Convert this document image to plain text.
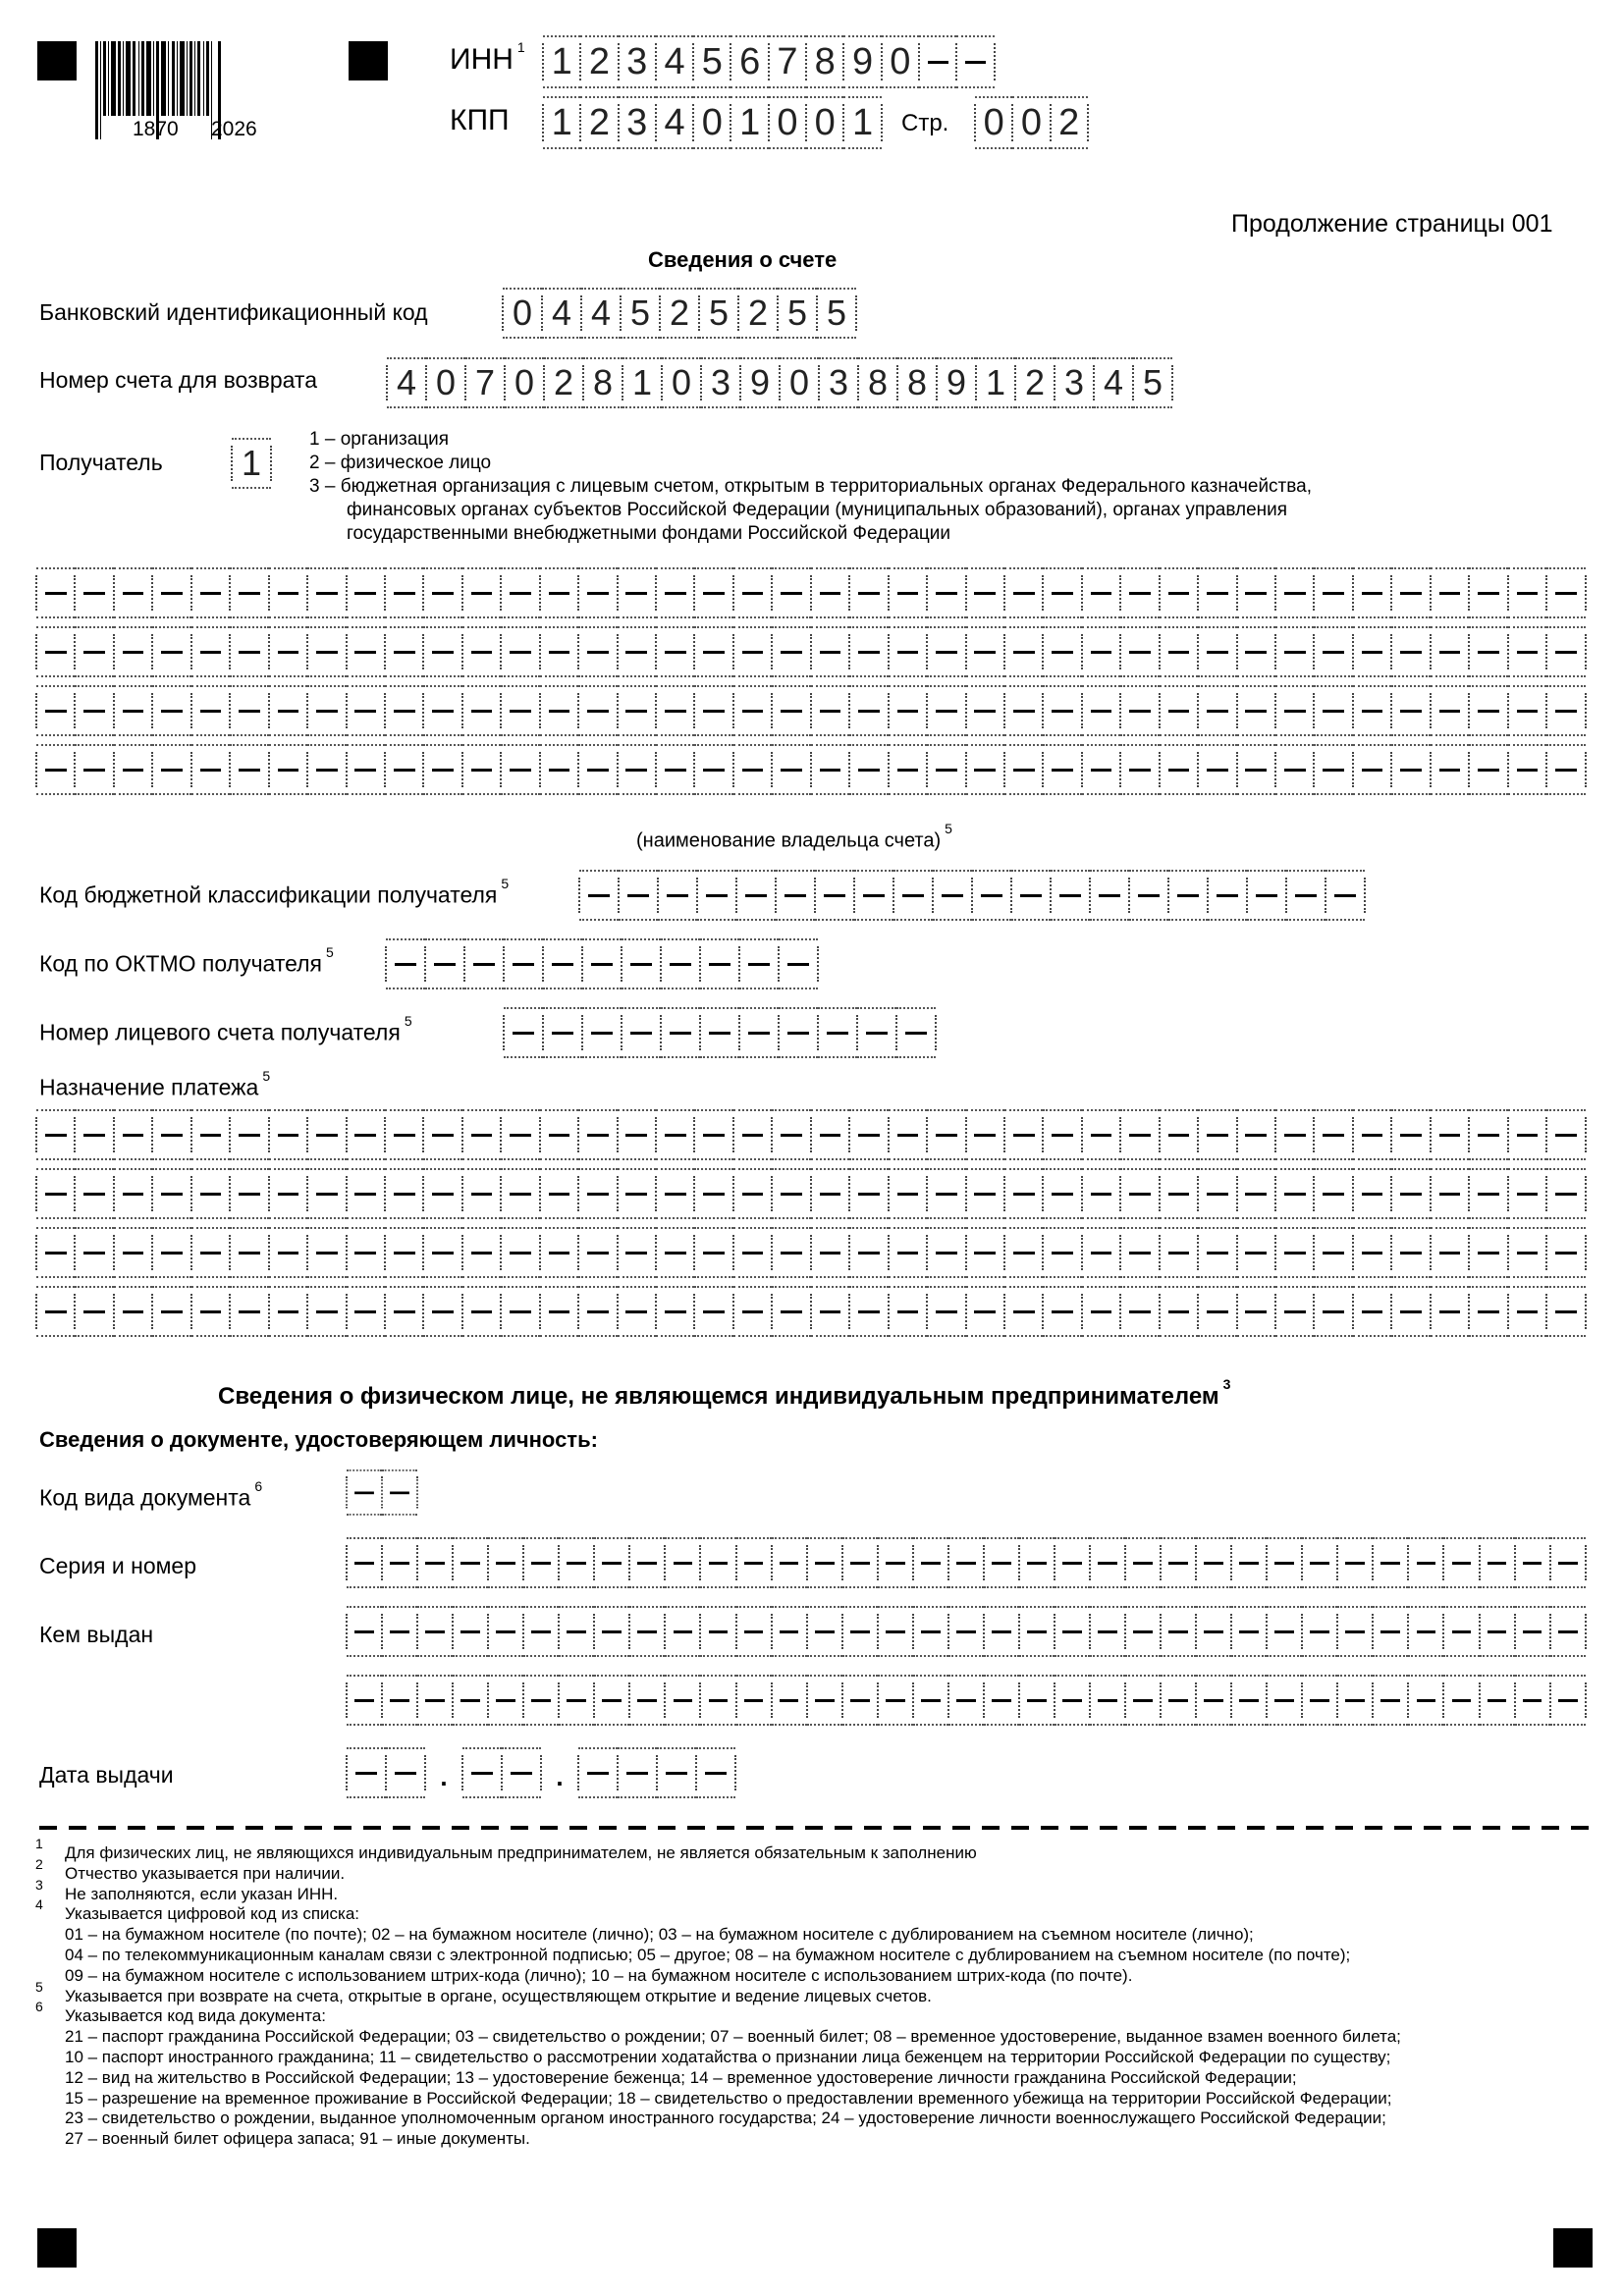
1870 2026
ИНН $^1$ 1 2 3 4 5 6 7 8 9 0
КПП 1 2 3 4 0 1 0 0 1 Стр. 0 0 2
Продолжение страницы 001
Сведения о счете
Банковский идентификационный код 0 4 4 5 2 5 2 5 5
Номер счета для возврата 4 0 7 0 2 8 1 0 3 9 0 3 8 8 9 1 2 3 4 5
Получатель 1
1 – организация
2 – физическое лицо
3 – бюджетная организация с лицевым счетом, открытым в территориальных органах Федерального казначейства,
финансовых органах субъектов Российской Федерации (муниципальных образований), органах управления
государственными внебюджетными фондами Российской Федерации
(наименование владельца счета)$^5$
Код бюджетной классификации получателя $^5$
Код по ОКТМО получателя $^5$
Номер лицевого счета получателя $^5$
Назначение платежа $^5$
Сведения о физическом лице, не являющемся индивидуальным предпринимателем $^3$
Сведения о документе, удостоверяющем личность:
Код вида документа $^6$
Серия и номер
Кем выдан
Дата выдачи	.	.
1	Для физических лиц, не являющихся индивидуальным предпринимателем, не является обязательным к заполнению
2	Отчество указывается при наличии.
3	Не заполняются, если указан ИНН.
4	Указывается цифровой код из списка:
01 – на бумажном носителе (по почте); 02 – на бумажном носителе (лично); 03 – на бумажном носителе с дублированием на съемном носителе (лично);
04 – по телекоммуникационным каналам связи с электронной подписью; 05 – другое; 08 – на бумажном носителе с дублированием на съемном носителе (по почте);
09 – на бумажном носителе с использованием штрих-кода (лично); 10 – на бумажном носителе с использованием штрих-кода (по почте).
5	Указывается при возврате на счета, открытые в органе, осуществляющем открытие и ведение лицевых счетов.
6	Указывается код вида документа:
21 – паспорт гражданина Российской Федерации; 03 – свидетельство о рождении; 07 – военный билет; 08 – временное удостоверение, выданное взамен военного билета;
10 – паспорт иностранного гражданина; 11 – свидетельство о рассмотрении ходатайства о признании лица беженцем на территории Российской Федерации по существу;
12 – вид на жительство в Российской Федерации; 13 – удостоверение беженца; 14 – временное удостоверение личности гражданина Российской Федерации;
15 – разрешение на временное проживание в Российской Федерации; 18 – свидетельство о предоставлении временного убежища на территории Российской Федерации;
23 – свидетельство о рождении, выданное уполномоченным органом иностранного государства; 24 – удостоверение личности военнослужащего Российской Федерации;
27 – военный билет офицера запаса; 91 – иные документы.
